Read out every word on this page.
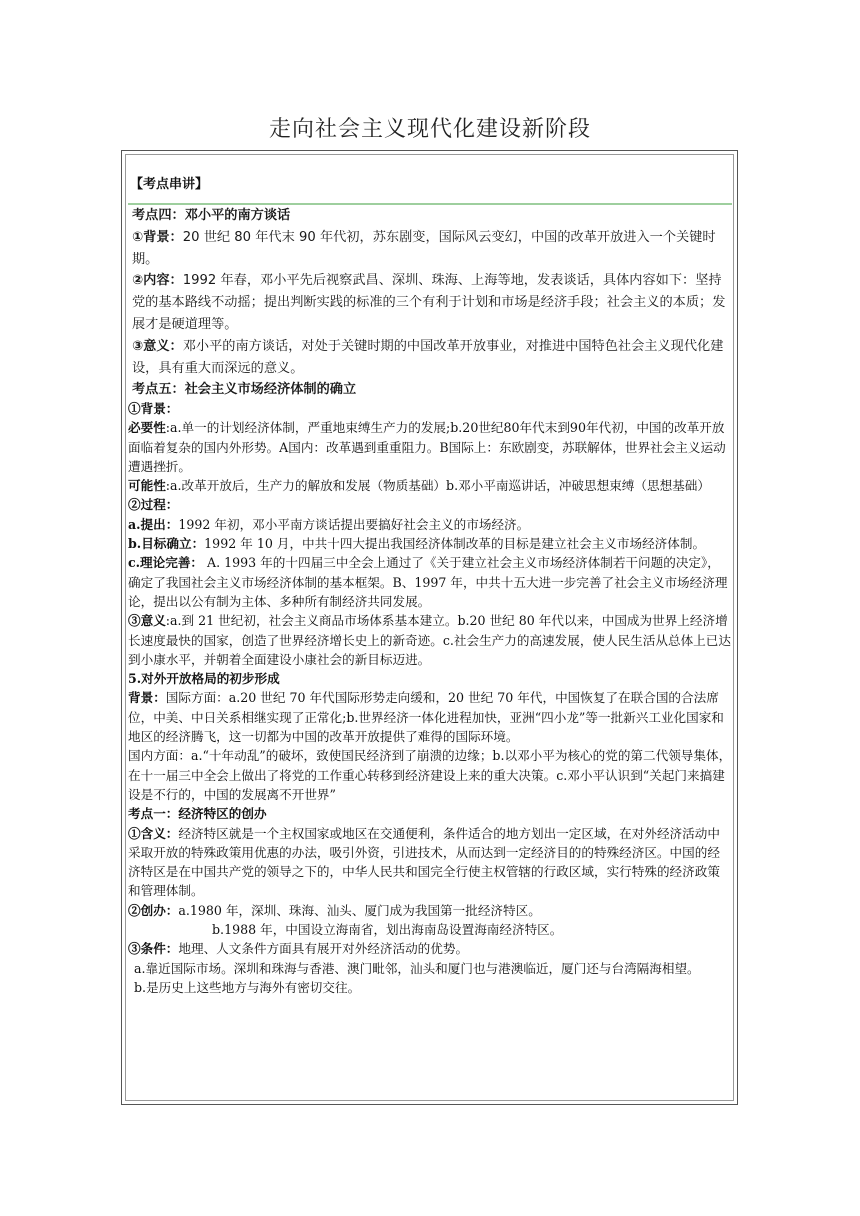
走向社会主义现代化建设新阶段
【考点串讲】

考点四：邓小平的南方谈话

①背景：20 世纪 80 年代末 90 年代初，苏东剧变，国际风云变幻，中国的改革开放进入一个关键时期。

②内容：1992 年春，邓小平先后视察武昌、深圳、珠海、上海等地，发表谈话，具体内容如下：坚持党的基本路线不动摇；提出判断实践的标准的三个有利于计划和市场是经济手段；社会主义的本质；发展才是硬道理等。

③意义：邓小平的南方谈话，对处于关键时期的中国改革开放事业，对推进中国特色社会主义现代化建设，具有重大而深远的意义。

考点五：社会主义市场经济体制的确立

①背景：

必要性:a.单一的计划经济体制，严重地束缚生产力的发展;b.20世纪80年代末到90年代初，中国的改革开放面临着复杂的国内外形势。A国内：改革遇到重重阻力。B国际上：东欧剧变，苏联解体，世界社会主义运动遭遇挫折。

可能性:a.改革开放后，生产力的解放和发展（物质基础）b.邓小平南巡讲话，冲破思想束缚（思想基础）

②过程：

a.提出：1992 年初，邓小平南方谈话提出要搞好社会主义的市场经济。

b.目标确立：1992 年 10 月，中共十四大提出我国经济体制改革的目标是建立社会主义市场经济体制。

c.理论完善： A. 1993 年的十四届三中全会上通过了《关于建立社会主义市场经济体制若干问题的决定》，确定了我国社会主义市场经济体制的基本框架。B、1997 年，中共十五大进一步完善了社会主义市场经济理论，提出以公有制为主体、多种所有制经济共同发展。

③意义:a.到 21 世纪初，社会主义商品市场体系基本建立。b.20 世纪 80 年代以来，中国成为世界上经济增长速度最快的国家，创造了世界经济增长史上的新奇迹。c.社会生产力的高速发展，使人民生活从总体上已达到小康水平，并朝着全面建设小康社会的新目标迈进。

5.对外开放格局的初步形成

背景：国际方面：a.20 世纪 70 年代国际形势走向缓和，20 世纪 70 年代，中国恢复了在联合国的合法席位，中美、中日关系相继实现了正常化;b.世界经济一体化进程加快，亚洲“四小龙”等一批新兴工业化国家和地区的经济腾飞，这一切都为中国的改革开放提供了难得的国际环境。

国内方面：a.“十年动乱”的破坏，致使国民经济到了崩溃的边缘；b.以邓小平为核心的党的第二代领导集体，在十一届三中全会上做出了将党的工作重心转移到经济建设上来的重大决策。c.邓小平认识到“关起门来搞建设是不行的，中国的发展离不开世界”

考点一：经济特区的创办

①含义：经济特区就是一个主权国家或地区在交通便利，条件适合的地方划出一定区域，在对外经济活动中采取开放的特殊政策用优惠的办法，吸引外资，引进技术，从而达到一定经济目的的特殊经济区。中国的经济特区是在中国共产党的领导之下的，中华人民共和国完全行使主权管辖的行政区域，实行特殊的经济政策和管理体制。

②创办：a.1980 年，深圳、珠海、汕头、厦门成为我国第一批经济特区。

b.1988 年，中国设立海南省，划出海南岛设置海南经济特区。

③条件：地理、人文条件方面具有展开对外经济活动的优势。

a.靠近国际市场。深圳和珠海与香港、澳门毗邻，汕头和厦门也与港澳临近，厦门还与台湾隔海相望。

b.是历史上这些地方与海外有密切交往。
